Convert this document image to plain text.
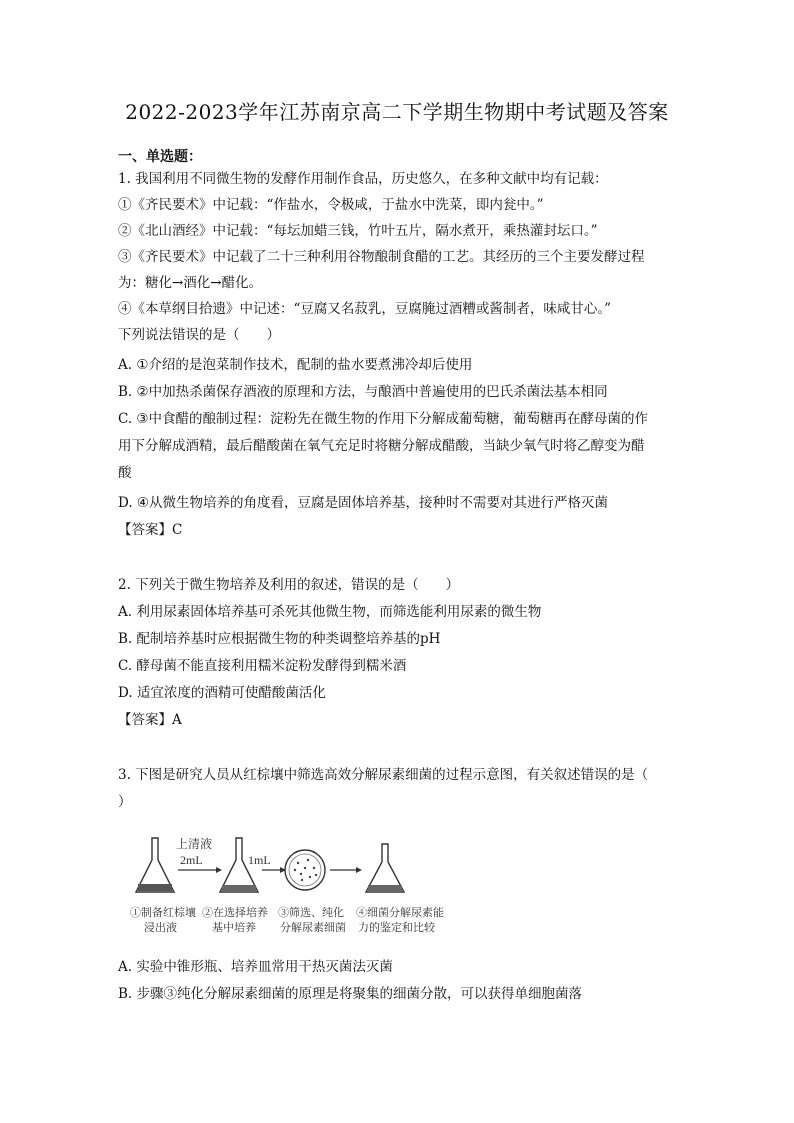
2022-2023学年江苏南京高二下学期生物期中考试题及答案
一、单选题：
1. 我国利用不同微生物的发酵作用制作食品，历史悠久，在多种文献中均有记载：
①《齐民要术》中记载：“作盐水，令极咸，于盐水中洗菜，即内瓮中。”
②《北山酒经》中记载：“每坛加蜡三钱，竹叶五片，隔水煮开，乘热灌封坛口。”
③《齐民要术》中记载了二十三种利用谷物酿制食醋的工艺。其经历的三个主要发酵过程
为：糖化→酒化→醋化。
④《本草纲目拾遗》中记述：“豆腐又名菽乳，豆腐腌过酒糟或酱制者，味咸甘心。”
下列说法错误的是（　　）
A. ①介绍的是泡菜制作技术，配制的盐水要煮沸冷却后使用
B. ②中加热杀菌保存酒液的原理和方法，与酿酒中普遍使用的巴氏杀菌法基本相同
C. ③中食醋的酿制过程：淀粉先在微生物的作用下分解成葡萄糖，葡萄糖再在酵母菌的作
用下分解成酒精，最后醋酸菌在氧气充足时将糖分解成醋酸，当缺少氧气时将乙醇变为醋
酸
D. ④从微生物培养的角度看，豆腐是固体培养基，接种时不需要对其进行严格灭菌
【答案】C
2. 下列关于微生物培养及利用的叙述，错误的是（　　）
A. 利用尿素固体培养基可杀死其他微生物，而筛选能利用尿素的微生物
B. 配制培养基时应根据微生物的种类调整培养基的pH
C. 酵母菌不能直接利用糯米淀粉发酵得到糯米酒
D. 适宜浓度的酒精可使醋酸菌活化
【答案】A
3. 下图是研究人员从红棕壤中筛选高效分解尿素细菌的过程示意图，有关叙述错误的是（
）
上清液
2mL	1mL
①制备红棕壤
浸出液
②在选择培养
基中培养
③筛选、纯化
分解尿素细菌
④细菌分解尿素能
力的鉴定和比较
A. 实验中锥形瓶、培养皿常用干热灭菌法灭菌
B. 步骤③纯化分解尿素细菌的原理是将聚集的细菌分散，可以获得单细胞菌落
